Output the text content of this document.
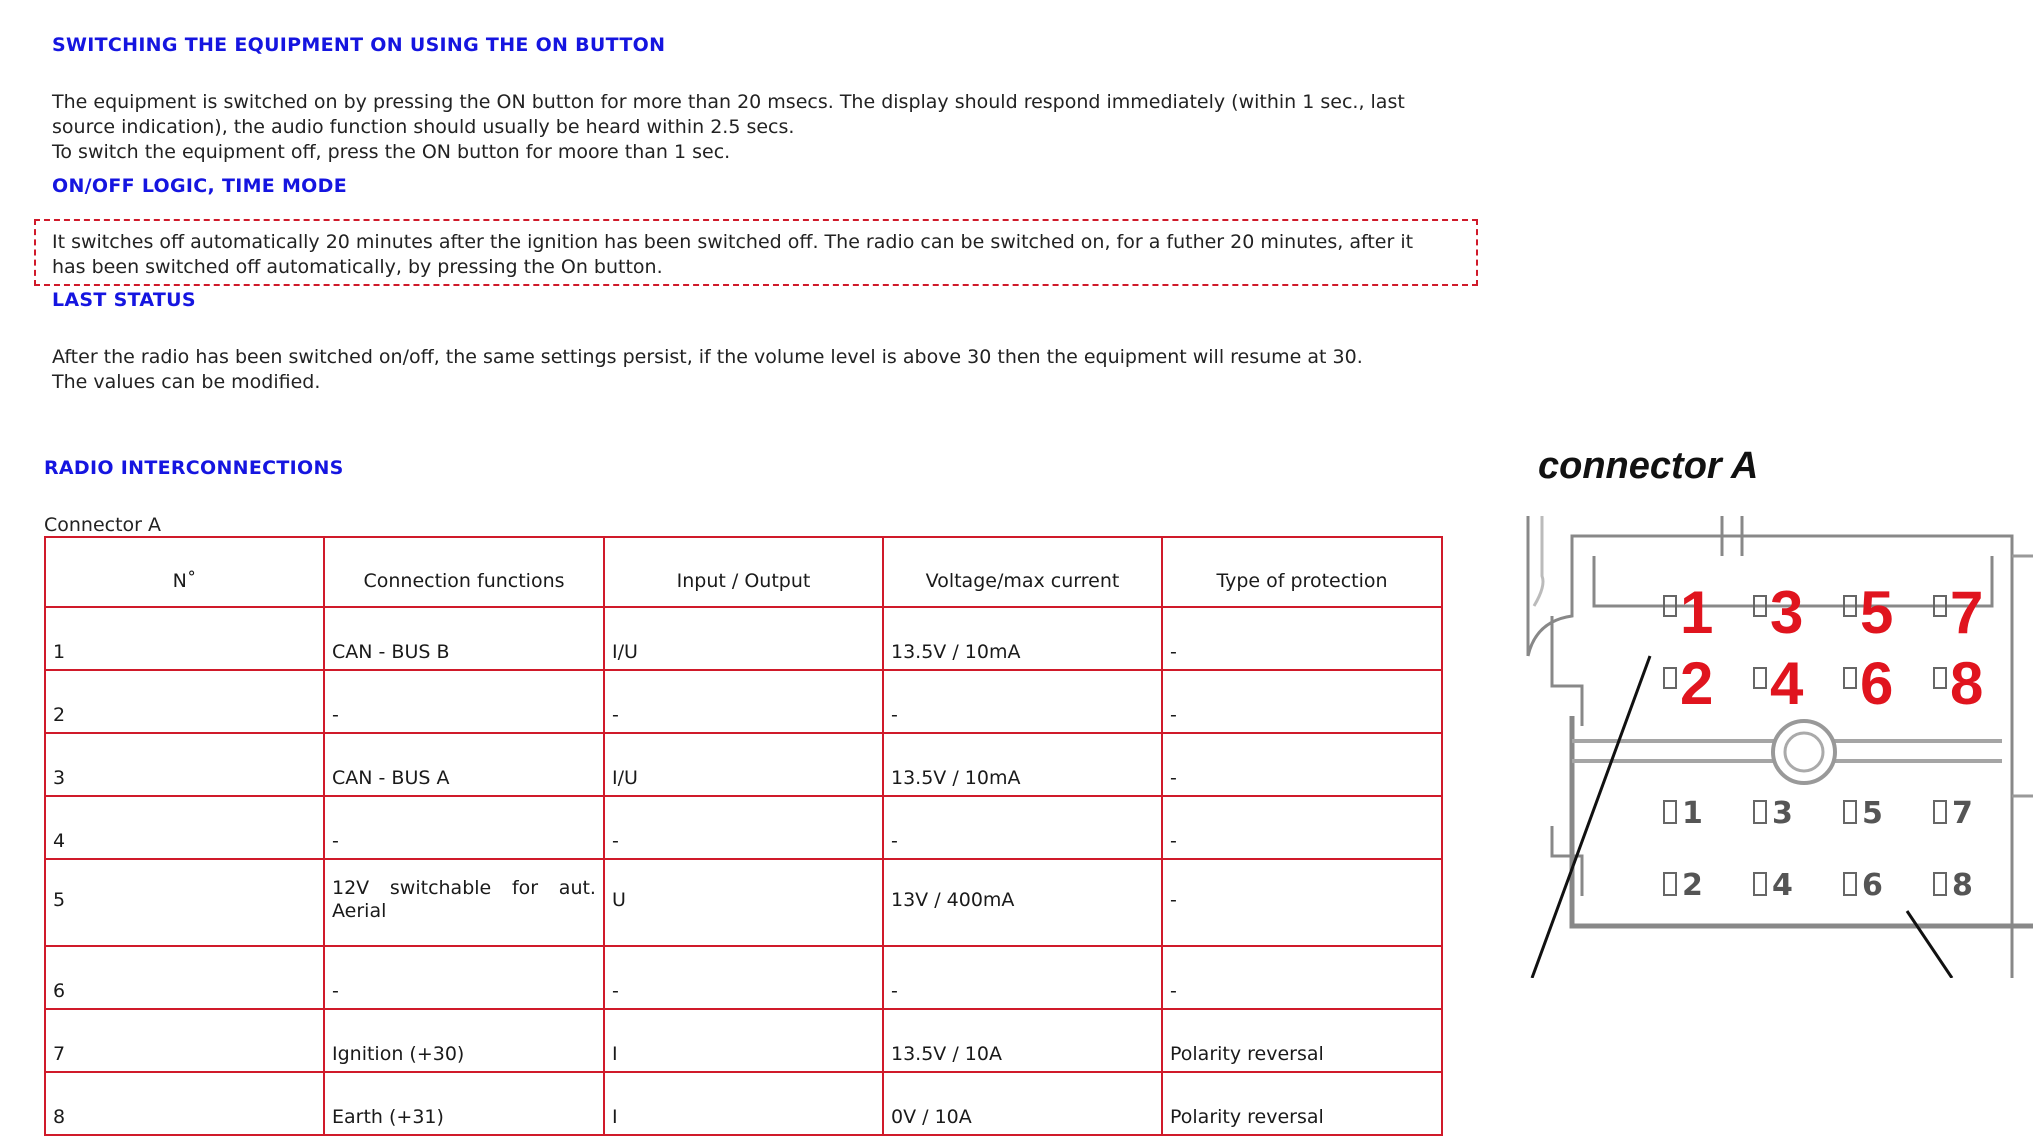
SWITCHING THE EQUIPMENT ON USING THE ON BUTTON
The equipment is switched on by pressing the ON button for more than 20 msecs. The display should respond immediately (within 1 sec., last
source indication), the audio function should usually be heard within 2.5 secs.
To switch the equipment off, press the ON button for moore than 1 sec.
ON/OFF LOGIC, TIME MODE
It switches off automatically 20 minutes after the ignition has been switched off. The radio can be switched on, for a futher 20 minutes, after it
has been switched off automatically, by pressing the On button.
LAST STATUS
After the radio has been switched on/off, the same settings persist, if the volume level is above 30 then the equipment will resume at 30.
The values can be modified.
RADIO INTERCONNECTIONS
Connector A
N˚	Connection functions	Input / Output	Voltage/max current	Type of protection
1	CAN - BUS B	I/U	13.5V / 10mA	-
2	-	-	-	-
3	CAN - BUS A	I/U	13.5V / 10mA	-
4	-	-	-	-
5	12V switchable for aut.
Aerial	U	13V / 400mA	-
6	-	-	-	-
7	Ignition (+30)	I	13.5V / 10A	Polarity reversal
8	Earth (+31)	I	0V / 10A	Polarity reversal
connector A
1 3 5 7
2 4 6 8
1 3 5 7
2 4 6 8
